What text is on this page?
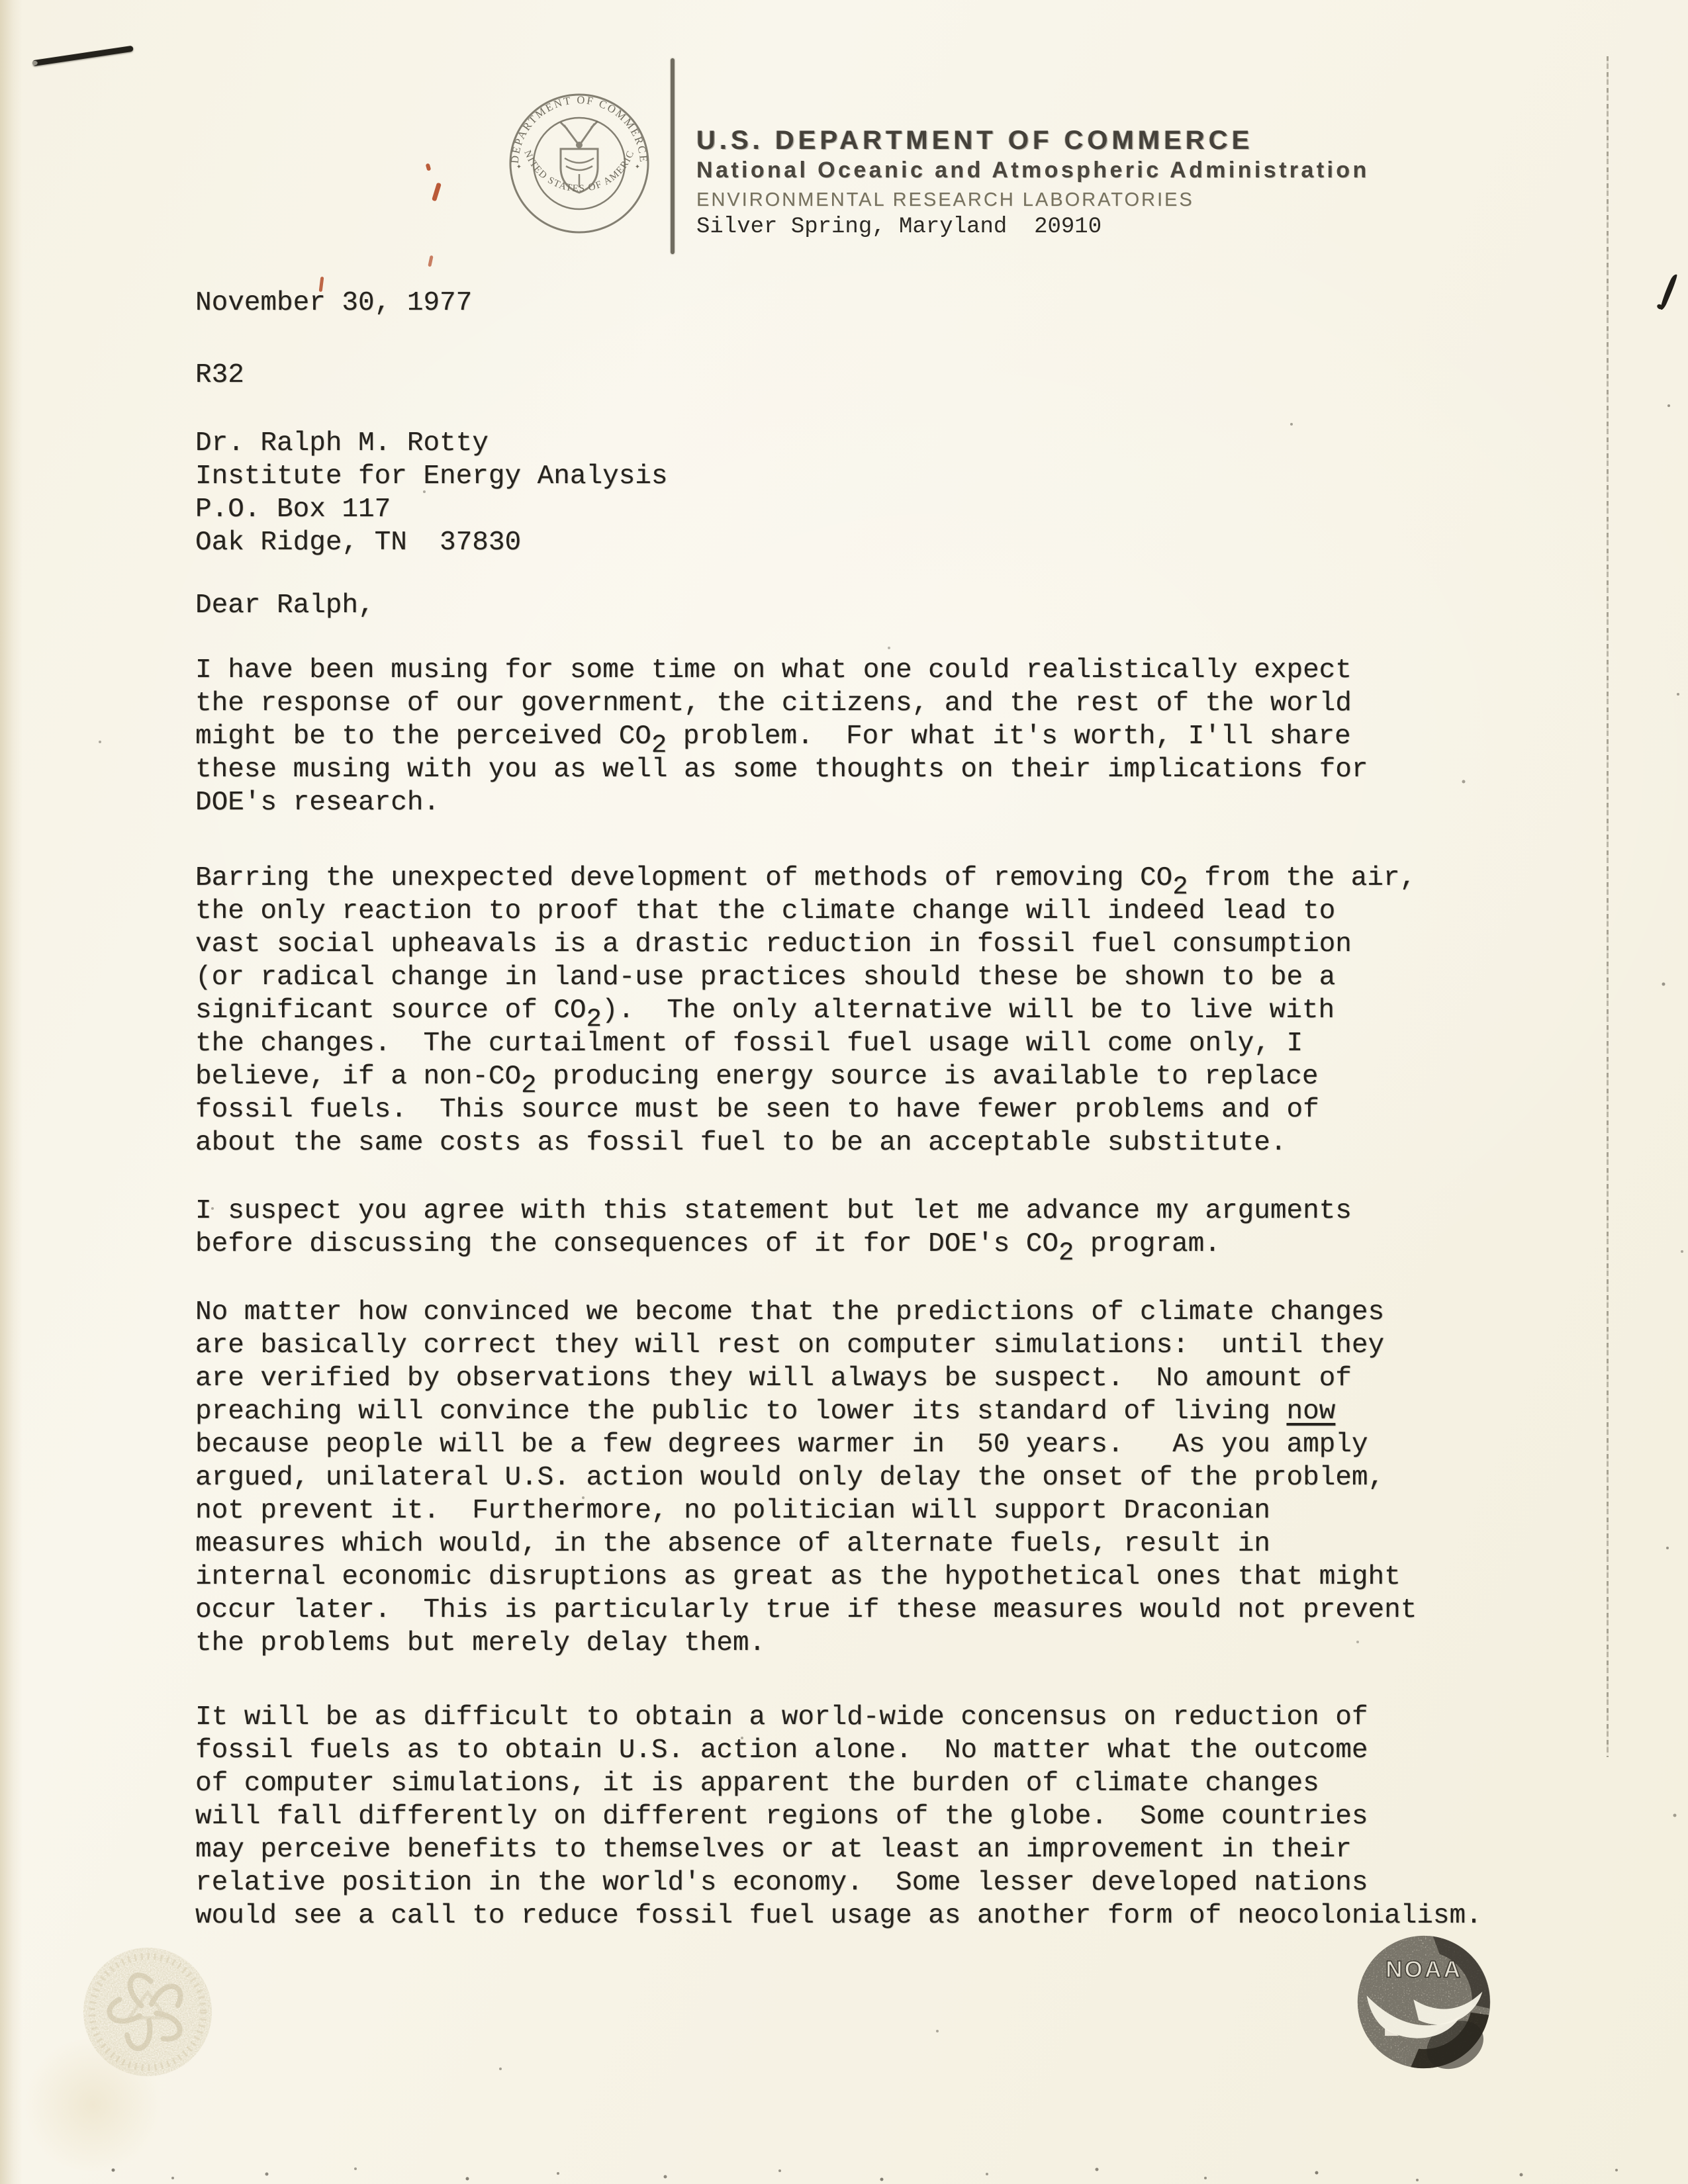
DEPARTMENT OF COMMERCE
UNITED STATES OF AMERICA
✦	✦
U.S. DEPARTMENT OF COMMERCE
National Oceanic and Atmospheric Administration
ENVIRONMENTAL RESEARCH LABORATORIES
Silver Spring, Maryland  20910
November 30, 1977
R32
Dr. Ralph M. Rotty
Institute for Energy Analysis
P.O. Box 117
Oak Ridge, TN  37830
Dear Ralph,
I have been musing for some time on what one could realistically expect
the response of our government, the citizens, and the rest of the world
might be to the perceived $CO_2$ problem.  For what it's worth, I'll share
these musing with you as well as some thoughts on their implications for
DOE's research.
Barring the unexpected development of methods of removing $CO_2$ from the air,
the only reaction to proof that the climate change will indeed lead to
vast social upheavals is a drastic reduction in fossil fuel consumption
(or radical change in land-use practices should these be shown to be a
significant source of $CO_2$).  The only alternative will be to live with
the changes.  The curtailment of fossil fuel usage will come only, I
believe, if a non-$CO_2$ producing energy source is available to replace
fossil fuels.  This source must be seen to have fewer problems and of
about the same costs as fossil fuel to be an acceptable substitute.
I suspect you agree with this statement but let me advance my arguments
before discussing the consequences of it for DOE's $CO_2$ program.
No matter how convinced we become that the predictions of climate changes
are basically correct they will rest on computer simulations:  until they
are verified by observations they will always be suspect.  No amount of
preaching will convince the public to lower its standard of living now
because people will be a few degrees warmer in  50 years.   As you amply
argued, unilateral U.S. action would only delay the onset of the problem,
not prevent it.  Furthermore, no politician will support Draconian
measures which would, in the absence of alternate fuels, result in
internal economic disruptions as great as the hypothetical ones that might
occur later.  This is particularly true if these measures would not prevent
the problems but merely delay them.
It will be as difficult to obtain a world-wide concensus on reduction of
fossil fuels as to obtain U.S. action alone.  No matter what the outcome
of computer simulations, it is apparent the burden of climate changes
will fall differently on different regions of the globe.  Some countries
may perceive benefits to themselves or at least an improvement in their
relative position in the world's economy.  Some lesser developed nations
would see a call to reduce fossil fuel usage as another form of neocolonialism.
NOAA
